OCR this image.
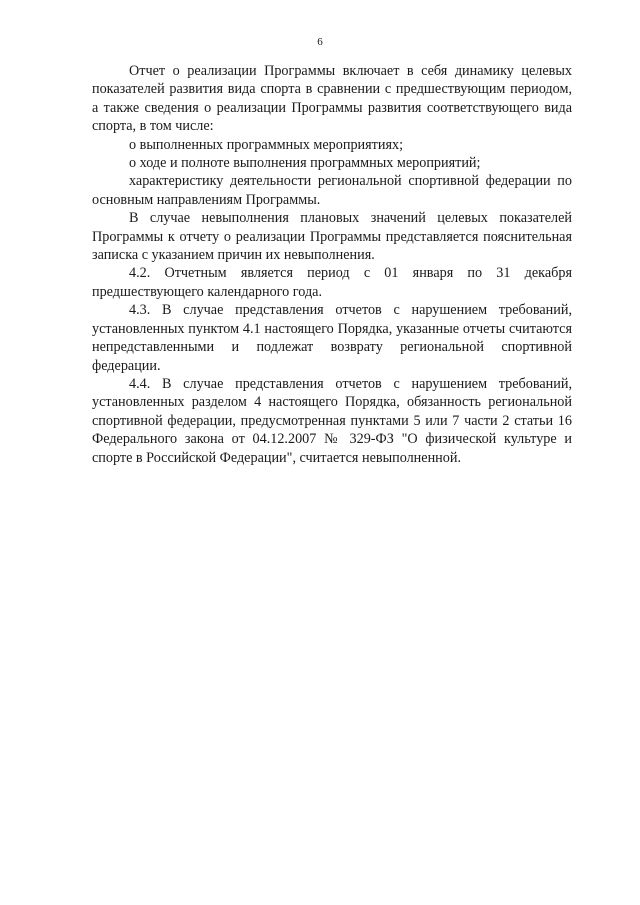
6

Отчет о реализации Программы включает в себя динамику целевых показателей развития вида спорта в сравнении с предшествующим периодом, а также сведения о реализации Программы развития соответствующего вида спорта, в том числе:

о выполненных программных мероприятиях;

о ходе и полноте выполнения программных мероприятий;

характеристику деятельности региональной спортивной федерации по основным направлениям Программы.

В случае невыполнения плановых значений целевых показателей Программы к отчету о реализации Программы представляется пояснительная записка с указанием причин их невыполнения.

4.2. Отчетным является период с 01 января по 31 декабря предшествующего календарного года.

4.3. В случае представления отчетов с нарушением требований, установленных пунктом 4.1 настоящего Порядка, указанные отчеты считаются непредставленными и подлежат возврату региональной спортивной федерации.

4.4. В случае представления отчетов с нарушением требований, установленных разделом 4 настоящего Порядка, обязанность региональной спортивной федерации, предусмотренная пунктами 5 или 7 части 2 статьи 16 Федерального закона от 04.12.2007 № 329-ФЗ "О физической культуре и спорте в Российской Федерации", считается невыполненной.
